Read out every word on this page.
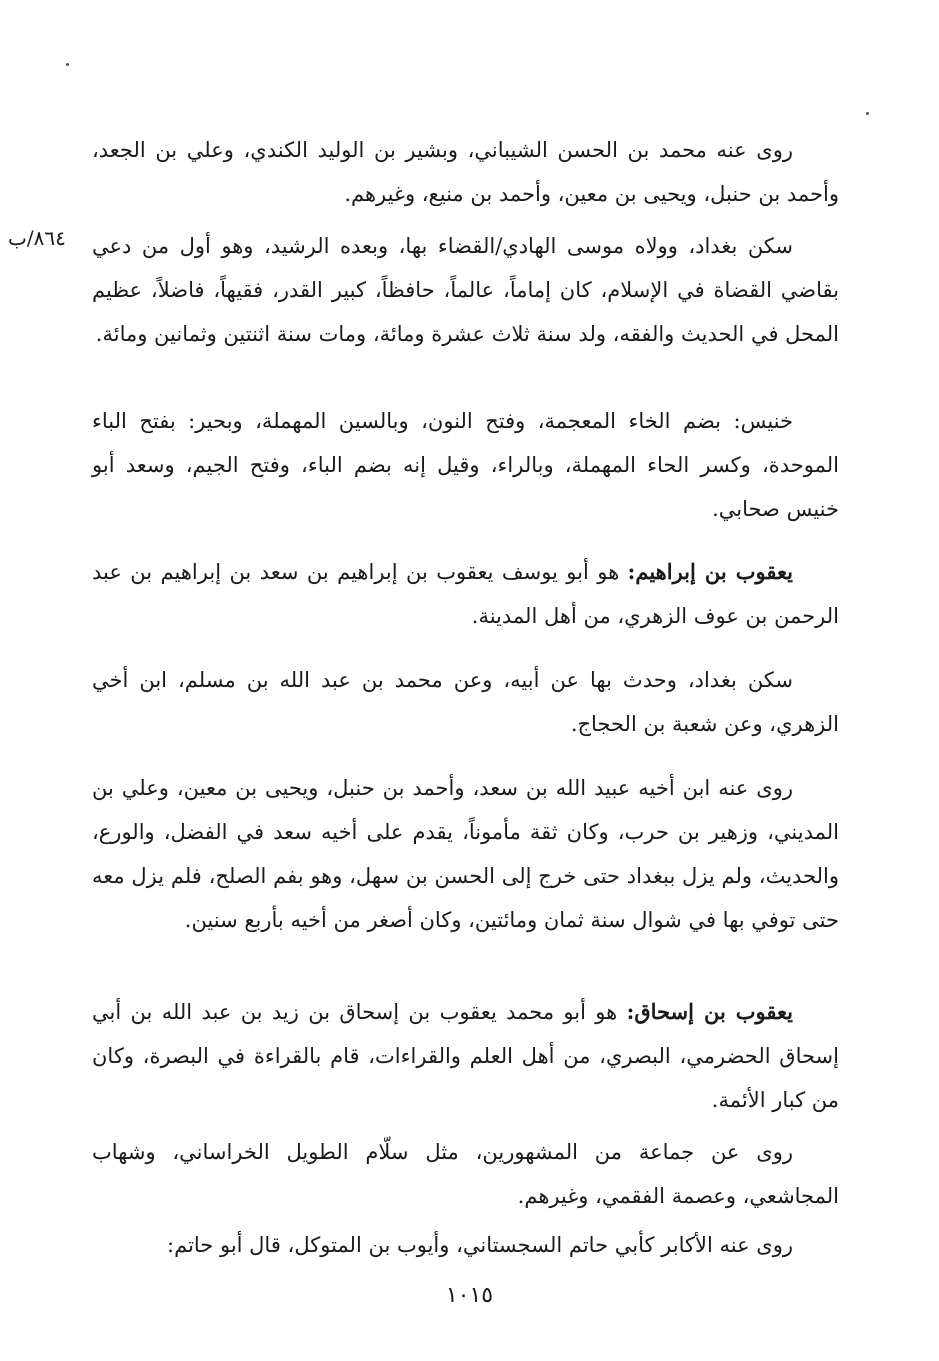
٨٦٤/ب

روى عنه محمد بن الحسن الشيباني، وبشير بن الوليد الكندي، وعلي بن الجعد، وأحمد بن حنبل، ويحيى بن معين، وأحمد بن منيع، وغيرهم.

سكن بغداد، وولاه موسى الهادي/القضاء بها، وبعده الرشيد، وهو أول من دعي بقاضي القضاة في الإسلام، كان إماماً، عالماً، حافظاً، كبير القدر، فقيهاً، فاضلاً، عظيم المحل في الحديث والفقه، ولد سنة ثلاث عشرة ومائة، ومات سنة اثنتين وثمانين ومائة.

خنيس: بضم الخاء المعجمة، وفتح النون، وبالسين المهملة، وبحير: بفتح الباء الموحدة، وكسر الحاء المهملة، وبالراء، وقيل إنه بضم الباء، وفتح الجيم، وسعد أبو خنيس صحابي.

يعقوب بن إبراهيم: هو أبو يوسف يعقوب بن إبراهيم بن سعد بن إبراهيم بن عبد الرحمن بن عوف الزهري، من أهل المدينة.

سكن بغداد، وحدث بها عن أبيه، وعن محمد بن عبد الله بن مسلم، ابن أخي الزهري، وعن شعبة بن الحجاج.

روى عنه ابن أخيه عبيد الله بن سعد، وأحمد بن حنبل، ويحيى بن معين، وعلي بن المديني، وزهير بن حرب، وكان ثقة مأموناً، يقدم على أخيه سعد في الفضل، والورع، والحديث، ولم يزل ببغداد حتى خرج إلى الحسن بن سهل، وهو بفم الصلح، فلم يزل معه حتى توفي بها في شوال سنة ثمان ومائتين، وكان أصغر من أخيه بأربع سنين.

يعقوب بن إسحاق: هو أبو محمد يعقوب بن إسحاق بن زيد بن عبد الله بن أبي إسحاق الحضرمي، البصري، من أهل العلم والقراءات، قام بالقراءة في البصرة، وكان من كبار الأئمة.

روى عن جماعة من المشهورين، مثل سلّام الطويل الخراساني، وشهاب المجاشعي، وعصمة الفقمي، وغيرهم.

روى عنه الأكابر كأبي حاتم السجستاني، وأيوب بن المتوكل، قال أبو حاتم:

١٠١٥
